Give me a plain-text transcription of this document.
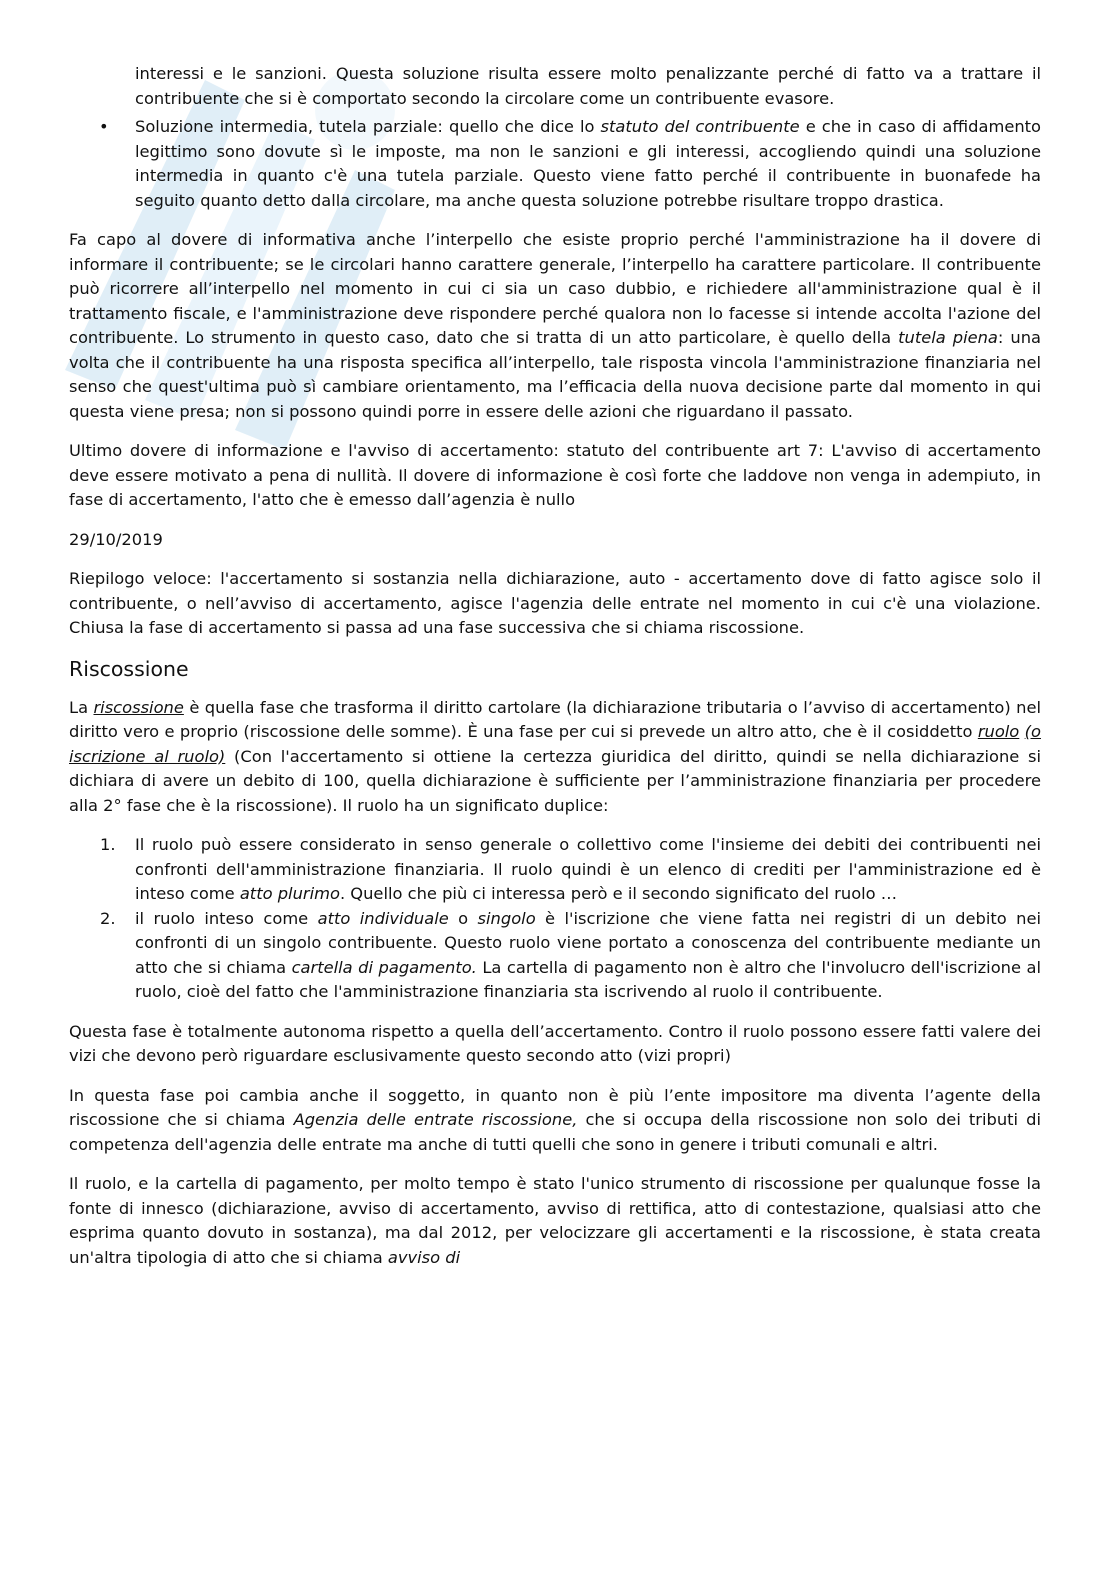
interessi e le sanzioni. Questa soluzione risulta essere molto penalizzante perché di fatto va a trattare il contribuente che si è comportato secondo la circolare come un contribuente evasore.

• Soluzione intermedia, tutela parziale: quello che dice lo statuto del contribuente e che in caso di affidamento legittimo sono dovute sì le imposte, ma non le sanzioni e gli interessi, accogliendo quindi una soluzione intermedia in quanto c'è una tutela parziale. Questo viene fatto perché il contribuente in buonafede ha seguito quanto detto dalla circolare, ma anche questa soluzione potrebbe risultare troppo drastica.

Fa capo al dovere di informativa anche l’interpello che esiste proprio perché l'amministrazione ha il dovere di informare il contribuente; se le circolari hanno carattere generale, l’interpello ha carattere particolare. Il contribuente può ricorrere all’interpello nel momento in cui ci sia un caso dubbio, e richiedere all'amministrazione qual è il trattamento fiscale, e l'amministrazione deve rispondere perché qualora non lo facesse si intende accolta l'azione del contribuente. Lo strumento in questo caso, dato che si tratta di un atto particolare, è quello della tutela piena: una volta che il contribuente ha una risposta specifica all’interpello, tale risposta vincola l'amministrazione finanziaria nel senso che quest'ultima può sì cambiare orientamento, ma l’efficacia della nuova decisione parte dal momento in qui questa viene presa; non si possono quindi porre in essere delle azioni che riguardano il passato.

Ultimo dovere di informazione e l'avviso di accertamento: statuto del contribuente art 7: L'avviso di accertamento deve essere motivato a pena di nullità. Il dovere di informazione è così forte che laddove non venga in adempiuto, in fase di accertamento, l'atto che è emesso dall’agenzia è nullo

29/10/2019

Riepilogo veloce: l'accertamento si sostanzia nella dichiarazione, auto - accertamento dove di fatto agisce solo il contribuente, o nell’avviso di accertamento, agisce l'agenzia delle entrate nel momento in cui c'è una violazione. Chiusa la fase di accertamento si passa ad una fase successiva che si chiama riscossione.

Riscossione

La riscossione è quella fase che trasforma il diritto cartolare (la dichiarazione tributaria o l’avviso di accertamento) nel diritto vero e proprio (riscossione delle somme). È una fase per cui si prevede un altro atto, che è il cosiddetto ruolo (o iscrizione al ruolo) (Con l'accertamento si ottiene la certezza giuridica del diritto, quindi se nella dichiarazione si dichiara di avere un debito di 100, quella dichiarazione è sufficiente per l’amministrazione finanziaria per procedere alla 2° fase che è la riscossione). Il ruolo ha un significato duplice:

1. Il ruolo può essere considerato in senso generale o collettivo come l'insieme dei debiti dei contribuenti nei confronti dell'amministrazione finanziaria. Il ruolo quindi è un elenco di crediti per l'amministrazione ed è inteso come atto plurimo. Quello che più ci interessa però e il secondo significato del ruolo …
2. il ruolo inteso come atto individuale o singolo è l'iscrizione che viene fatta nei registri di un debito nei confronti di un singolo contribuente. Questo ruolo viene portato a conoscenza del contribuente mediante un atto che si chiama cartella di pagamento. La cartella di pagamento non è altro che l'involucro dell'iscrizione al ruolo, cioè del fatto che l'amministrazione finanziaria sta iscrivendo al ruolo il contribuente.

Questa fase è totalmente autonoma rispetto a quella dell’accertamento. Contro il ruolo possono essere fatti valere dei vizi che devono però riguardare esclusivamente questo secondo atto (vizi propri)

In questa fase poi cambia anche il soggetto, in quanto non è più l’ente impositore ma diventa l’agente della riscossione che si chiama Agenzia delle entrate riscossione, che si occupa della riscossione non solo dei tributi di competenza dell'agenzia delle entrate ma anche di tutti quelli che sono in genere i tributi comunali e altri.

Il ruolo, e la cartella di pagamento, per molto tempo è stato l'unico strumento di riscossione per qualunque fosse la fonte di innesco (dichiarazione, avviso di accertamento, avviso di rettifica, atto di contestazione, qualsiasi atto che esprima quanto dovuto in sostanza), ma dal 2012, per velocizzare gli accertamenti e la riscossione, è stata creata un'altra tipologia di atto che si chiama avviso di
